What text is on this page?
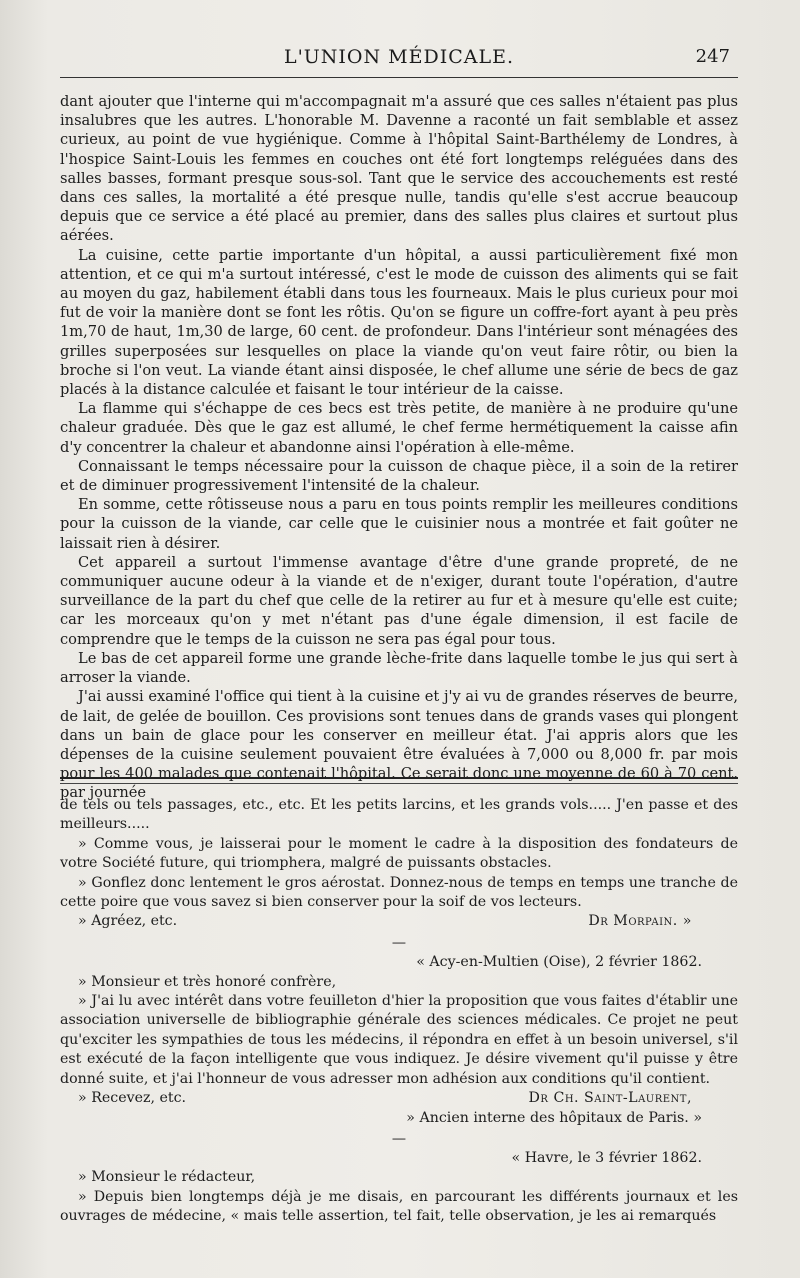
L'UNION MÉDICALE.	247

dant ajouter que l'interne qui m'accompagnait m'a assuré que ces salles n'étaient pas plus insalubres que les autres. L'honorable M. Davenne a raconté un fait semblable et assez curieux, au point de vue hygiénique. Comme à l'hôpital Saint-Barthélemy de Londres, à l'hospice Saint-Louis les femmes en couches ont été fort longtemps reléguées dans des salles basses, formant presque sous-sol. Tant que le service des accouchements est resté dans ces salles, la mortalité a été presque nulle, tandis qu'elle s'est accrue beaucoup depuis que ce service a été placé au premier, dans des salles plus claires et surtout plus aérées.

La cuisine, cette partie importante d'un hôpital, a aussi particulièrement fixé mon attention, et ce qui m'a surtout intéressé, c'est le mode de cuisson des aliments qui se fait au moyen du gaz, habilement établi dans tous les fourneaux. Mais le plus curieux pour moi fut de voir la manière dont se font les rôtis. Qu'on se figure un coffre-fort ayant à peu près 1m,70 de haut, 1m,30 de large, 60 cent. de profondeur. Dans l'intérieur sont ménagées des grilles superposées sur lesquelles on place la viande qu'on veut faire rôtir, ou bien la broche si l'on veut. La viande étant ainsi disposée, le chef allume une série de becs de gaz placés à la distance calculée et faisant le tour intérieur de la caisse.

La flamme qui s'échappe de ces becs est très petite, de manière à ne produire qu'une chaleur graduée. Dès que le gaz est allumé, le chef ferme hermétiquement la caisse afin d'y concentrer la chaleur et abandonne ainsi l'opération à elle-même.

Connaissant le temps nécessaire pour la cuisson de chaque pièce, il a soin de la retirer et de diminuer progressivement l'intensité de la chaleur.

En somme, cette rôtisseuse nous a paru en tous points remplir les meilleures conditions pour la cuisson de la viande, car celle que le cuisinier nous a montrée et fait goûter ne laissait rien à désirer.

Cet appareil a surtout l'immense avantage d'être d'une grande propreté, de ne communiquer aucune odeur à la viande et de n'exiger, durant toute l'opération, d'autre surveillance de la part du chef que celle de la retirer au fur et à mesure qu'elle est cuite; car les morceaux qu'on y met n'étant pas d'une égale dimension, il est facile de comprendre que le temps de la cuisson ne sera pas égal pour tous.

Le bas de cet appareil forme une grande lèche-frite dans laquelle tombe le jus qui sert à arroser la viande.

J'ai aussi examiné l'office qui tient à la cuisine et j'y ai vu de grandes réserves de beurre, de lait, de gelée de bouillon. Ces provisions sont tenues dans de grands vases qui plongent dans un bain de glace pour les conserver en meilleur état. J'ai appris alors que les dépenses de la cuisine seulement pouvaient être évaluées à 7,000 ou 8,000 fr. par mois pour les 400 malades que contenait l'hôpital. Ce serait donc une moyenne de 60 à 70 cent. par journée

de tels ou tels passages, etc., etc. Et les petits larcins, et les grands vols..... J'en passe et des meilleurs.....

» Comme vous, je laisserai pour le moment le cadre à la disposition des fondateurs de votre Société future, qui triomphera, malgré de puissants obstacles.

» Gonflez donc lentement le gros aérostat. Donnez-nous de temps en temps une tranche de cette poire que vous savez si bien conserver pour la soif de vos lecteurs.

» Agréez, etc.	Dr Morpain. »
—
« Acy-en-Multien (Oise), 2 février 1862.

» Monsieur et très honoré confrère,

» J'ai lu avec intérêt dans votre feuilleton d'hier la proposition que vous faites d'établir une association universelle de bibliographie générale des sciences médicales. Ce projet ne peut qu'exciter les sympathies de tous les médecins, il répondra en effet à un besoin universel, s'il est exécuté de la façon intelligente que vous indiquez. Je désire vivement qu'il puisse y être donné suite, et j'ai l'honneur de vous adresser mon adhésion aux conditions qu'il contient.

» Recevez, etc.	Dr Ch. Saint-Laurent,
» Ancien interne des hôpitaux de Paris. »
—
« Havre, le 3 février 1862.

» Monsieur le rédacteur,

» Depuis bien longtemps déjà je me disais, en parcourant les différents journaux et les ouvrages de médecine, « mais telle assertion, tel fait, telle observation, je les ai remarqués
